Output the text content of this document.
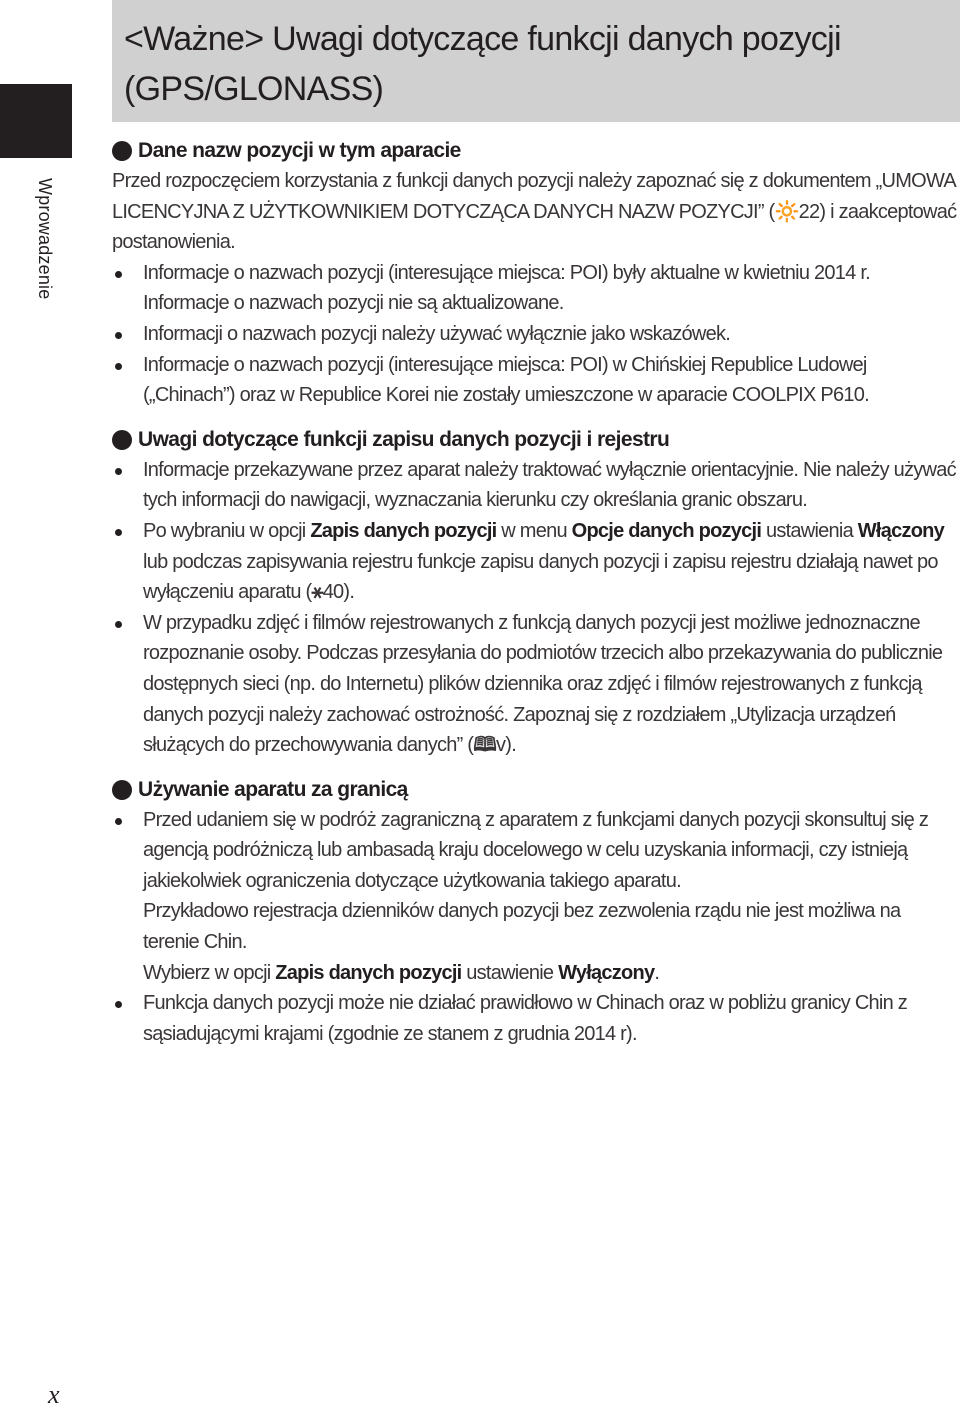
Wprowadzenie
<Ważne> Uwagi dotyczące funkcji danych pozycji (GPS/GLONASS)
Dane nazw pozycji w tym aparacie
Przed rozpoczęciem korzystania z funkcji danych pozycji należy zapoznać się z dokumentem „UMOWA LICENCYJNA Z UŻYTKOWNIKIEM DOTYCZĄCA DANYCH NAZW POZYCJI” (🔆22) i zaakceptować postanowienia.
Informacje o nazwach pozycji (interesujące miejsca: POI) były aktualne w kwietniu 2014 r. Informacje o nazwach pozycji nie są aktualizowane.
Informacji o nazwach pozycji należy używać wyłącznie jako wskazówek.
Informacje o nazwach pozycji (interesujące miejsca: POI) w Chińskiej Republice Ludowej („Chinach”) oraz w Republice Korei nie zostały umieszczone w aparacie COOLPIX P610.
Uwagi dotyczące funkcji zapisu danych pozycji i rejestru
Informacje przekazywane przez aparat należy traktować wyłącznie orientacyjnie. Nie należy używać tych informacji do nawigacji, wyznaczania kierunku czy określania granic obszaru.
Po wybraniu w opcji Zapis danych pozycji w menu Opcje danych pozycji ustawienia Włączony lub podczas zapisywania rejestru funkcje zapisu danych pozycji i zapisu rejestru działają nawet po wyłączeniu aparatu (⚹40).
W przypadku zdjęć i filmów rejestrowanych z funkcją danych pozycji jest możliwe jednoznaczne rozpoznanie osoby. Podczas przesyłania do podmiotów trzecich albo przekazywania do publicznie dostępnych sieci (np. do Internetu) plików dziennika oraz zdjęć i filmów rejestrowanych z funkcją danych pozycji należy zachować ostrożność. Zapoznaj się z rozdziałem „Utylizacja urządzeń służących do przechowywania danych” (🕮v).
Używanie aparatu za granicą
Przed udaniem się w podróż zagraniczną z aparatem z funkcjami danych pozycji skonsultuj się z agencją podróżniczą lub ambasadą kraju docelowego w celu uzyskania informacji, czy istnieją jakiekolwiek ograniczenia dotyczące użytkowania takiego aparatu.
Przykładowo rejestracja dzienników danych pozycji bez zezwolenia rządu nie jest możliwa na terenie Chin.
Wybierz w opcji Zapis danych pozycji ustawienie Wyłączony.
Funkcja danych pozycji może nie działać prawidłowo w Chinach oraz w pobliżu granicy Chin z sąsiadującymi krajami (zgodnie ze stanem z grudnia 2014 r).
x
